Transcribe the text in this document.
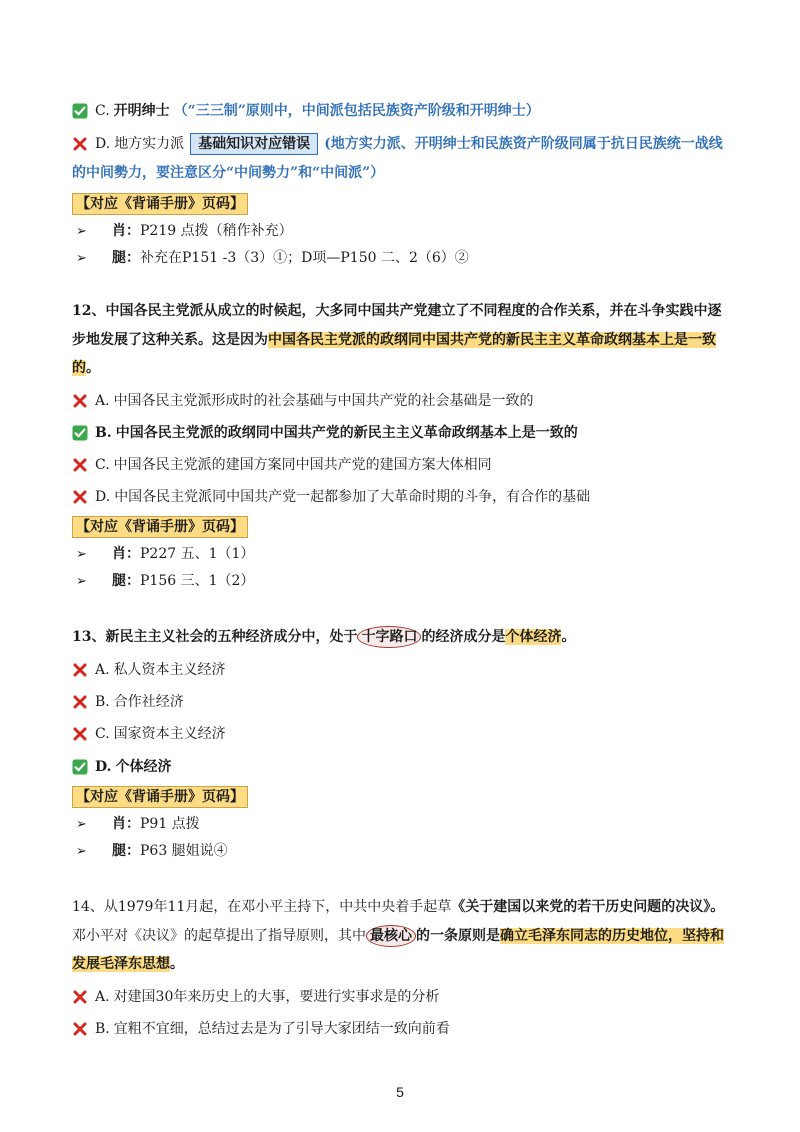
C. 开明绅士 （“三三制”原则中，中间派包括民族资产阶级和开明绅士）
D. 地方实力派	基础知识对应错误	(地方实力派、开明绅士和民族资产阶级同属于抗日民族统一战线
的中间勢力，要注意区分“中间勢力”和“中间派”）
【对应《背诵手册》页码】
➢ 肖：P219 点拨（稍作补充）
➢ 腿：补充在P151 -3（3）①；D项—P150 二、2（6）②
12、中国各民主党派从成立的时候起，大多同中国共产党建立了不同程度的合作关系，并在斗争实践中逐
步地发展了这种关系。这是因为中国各民主党派的政纲同中国共产党的新民主主义革命政纲基本上是一致
的。
A. 中国各民主党派形成时的社会基础与中国共产党的社会基础是一致的
B. 中国各民主党派的政纲同中国共产党的新民主主义革命政纲基本上是一致的
C. 中国各民主党派的建国方案同中国共产党的建国方案大体相同
D. 中国各民主党派同中国共产党一起都参加了大革命时期的斗争，有合作的基础
【对应《背诵手册》页码】
➢ 肖：P227 五、1（1）
➢ 腿：P156 三、1（2）
13、新民主主义社会的五种经济成分中，处于 十字路口 的经济成分是个体经济。
A. 私人资本主义经济
B. 合作社经济
C. 国家资本主义经济
D. 个体经济
【对应《背诵手册》页码】
➢ 肖：P91 点拨
➢ 腿：P63 腿姐说④
14、从1979年11月起，在邓小平主持下，中共中央着手起草《关于建国以来党的若干历史问题的决议》。
邓小平对《决议》的起草提出了指导原则，其中 最核心 的一条原则是确立毛泽东同志的历史地位，坚持和
发展毛泽东思想。
A. 对建国30年来历史上的大事，要进行实事求是的分析
B. 宜粗不宜细，总结过去是为了引导大家团结一致向前看
5
